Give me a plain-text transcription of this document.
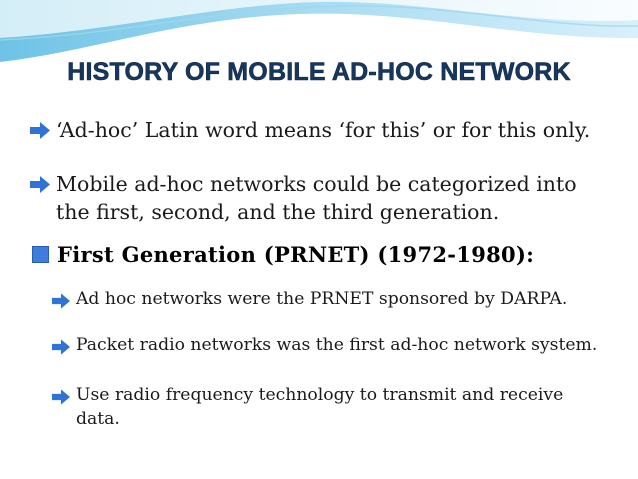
HISTORY OF MOBILE AD-HOC NETWORK
‘Ad-hoc’ Latin word means ‘for this’ or for this only.
Mobile ad-hoc networks could be categorized into the first, second, and the third generation.
First Generation (PRNET) (1972-1980):
Ad hoc networks were the PRNET sponsored by DARPA.
Packet radio networks was the first ad-hoc network system.
Use radio frequency technology to transmit and receive data.
